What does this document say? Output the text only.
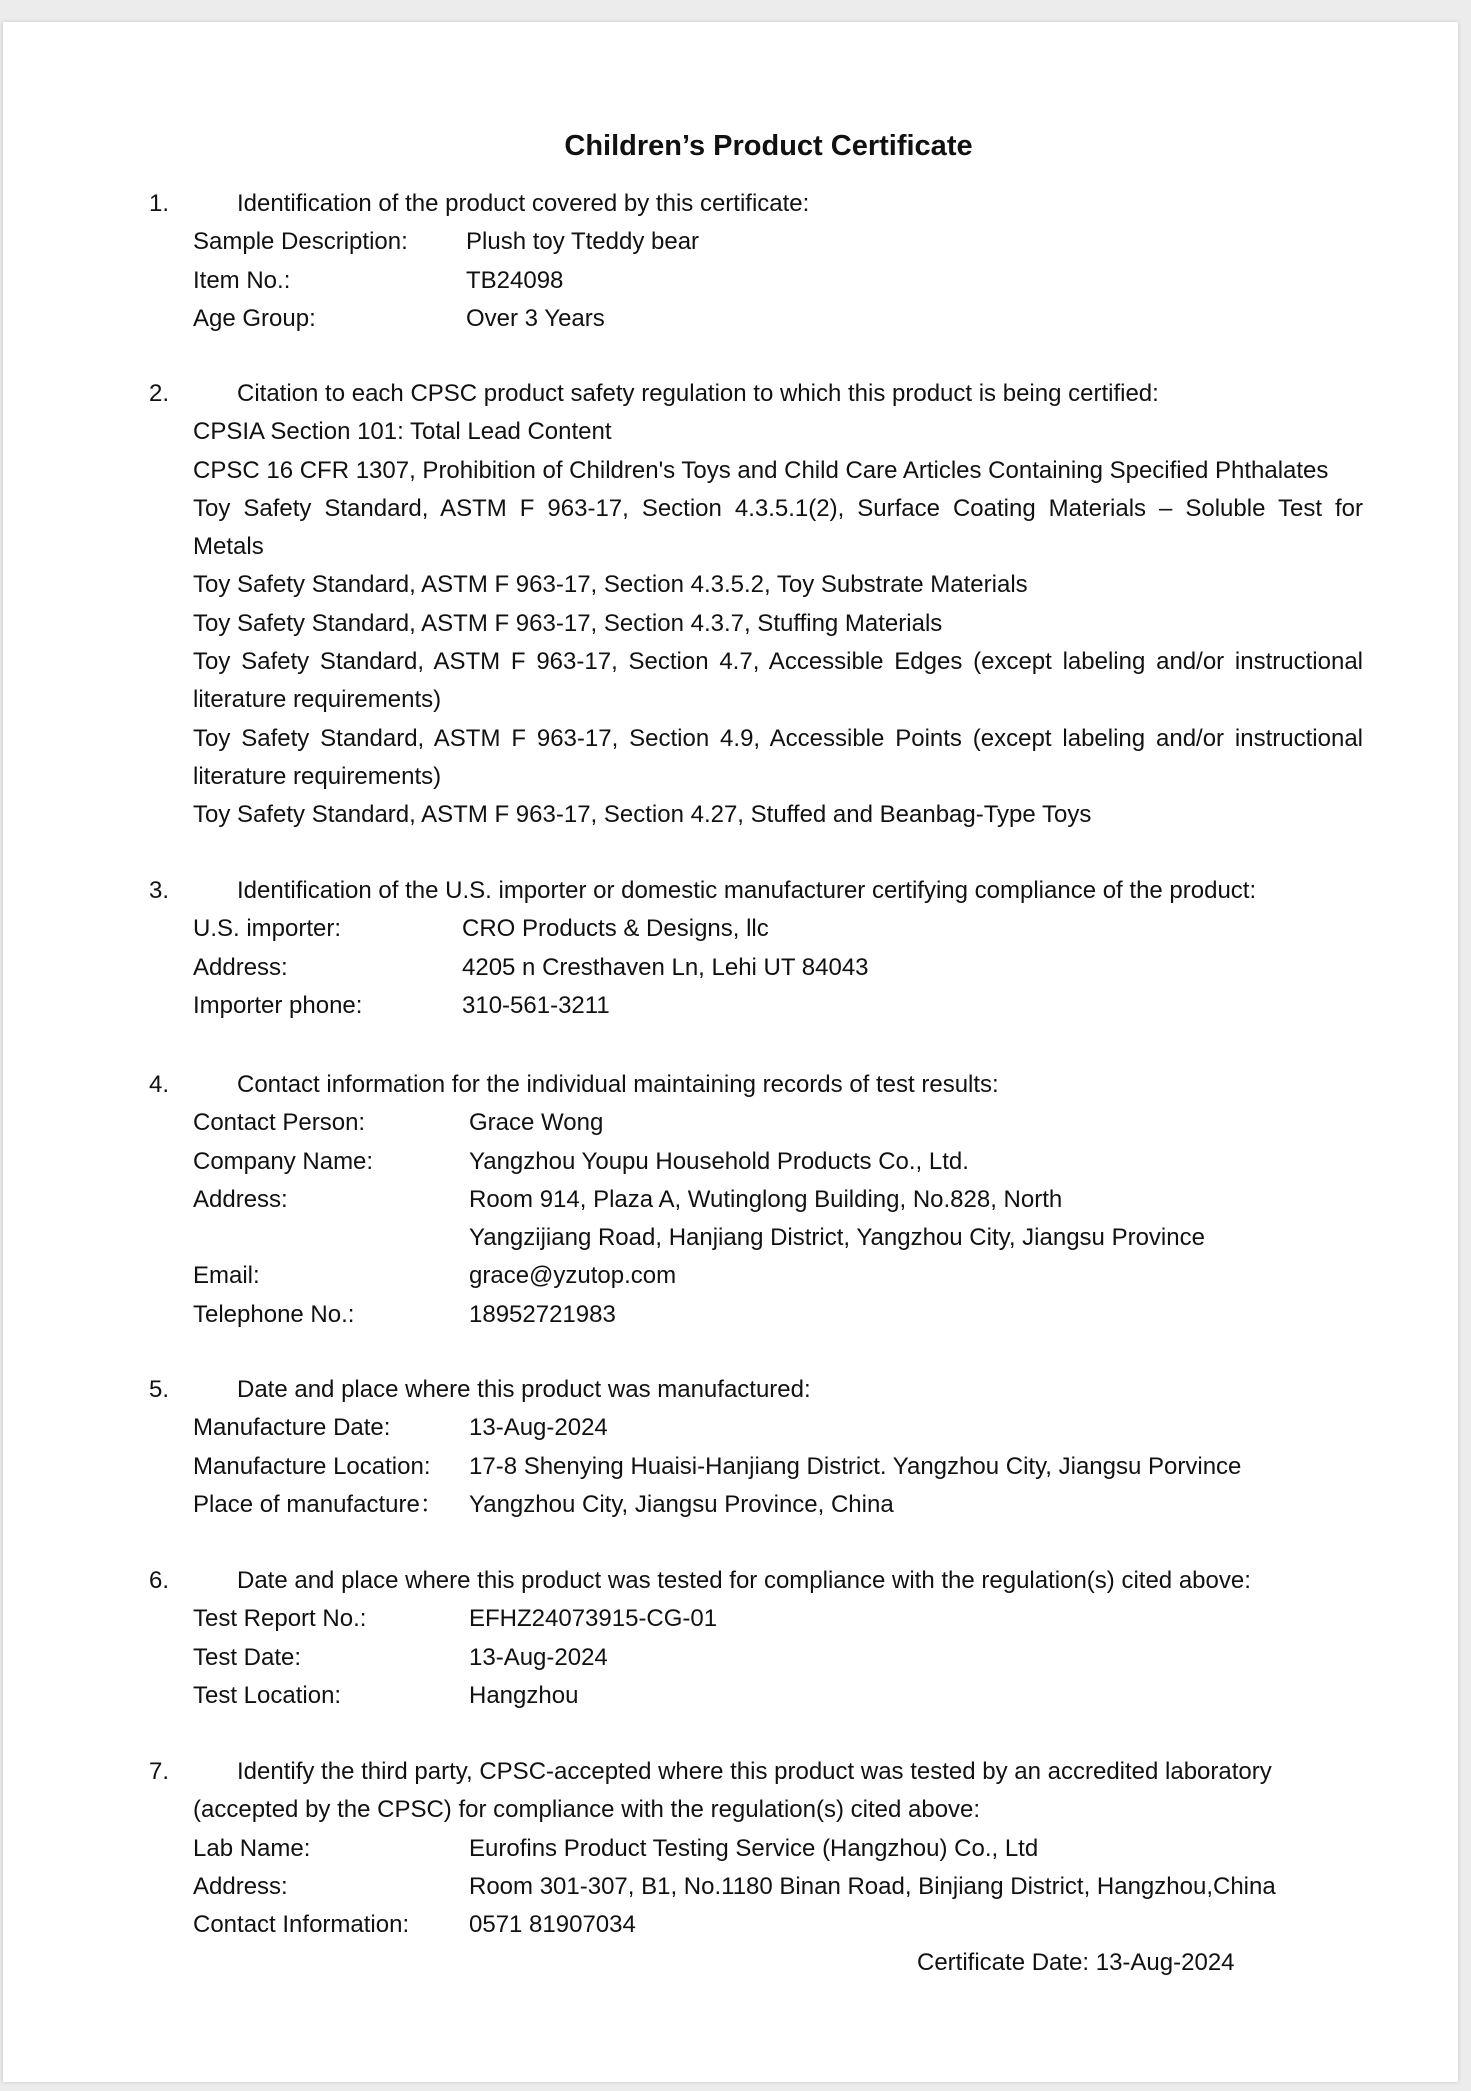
Children’s Product Certificate
1.	Identification of the product covered by this certificate:
Sample Description: Plush toy Tteddy bear
Item No.:	TB24098
Age Group:	Over 3 Years
2.	Citation to each CPSC product safety regulation to which this product is being certified:
CPSIA Section 101: Total Lead Content
CPSC 16 CFR 1307, Prohibition of Children's Toys and Child Care Articles Containing Specified Phthalates
Toy Safety Standard, ASTM F 963-17, Section 4.3.5.1(2), Surface Coating Materials – Soluble Test for
Metals
Toy Safety Standard, ASTM F 963-17, Section 4.3.5.2, Toy Substrate Materials
Toy Safety Standard, ASTM F 963-17, Section 4.3.7, Stuffing Materials
Toy Safety Standard, ASTM F 963-17, Section 4.7, Accessible Edges (except labeling and/or instructional
literature requirements)
Toy Safety Standard, ASTM F 963-17, Section 4.9, Accessible Points (except labeling and/or instructional
literature requirements)
Toy Safety Standard, ASTM F 963-17, Section 4.27, Stuffed and Beanbag-Type Toys
3.	Identification of the U.S. importer or domestic manufacturer certifying compliance of the product:
U.S. importer:	CRO Products & Designs, llc
Address:	4205 n Cresthaven Ln, Lehi UT 84043
Importer phone:	310-561-3211
4.	Contact information for the individual maintaining records of test results:
Contact Person:	Grace Wong
Company Name:	Yangzhou Youpu Household Products Co., Ltd.
Address:	Room 914, Plaza A, Wutinglong Building, No.828, North
Yangzijiang Road, Hanjiang District, Yangzhou City, Jiangsu Province
Email:	grace@yzutop.com
Telephone No.:	18952721983
5.	Date and place where this product was manufactured:
Manufacture Date:	13-Aug-2024
Manufacture Location: 17-8 Shenying Huaisi-Hanjiang District. Yangzhou City, Jiangsu Porvince
Place of manufacture： Yangzhou City, Jiangsu Province, China
6.	Date and place where this product was tested for compliance with the regulation(s) cited above:
Test Report No.:	EFHZ24073915-CG-01
Test Date:	13-Aug-2024
Test Location:	Hangzhou
7.	Identify the third party, CPSC-accepted where this product was tested by an accredited laboratory
(accepted by the CPSC) for compliance with the regulation(s) cited above:
Lab Name:	Eurofins Product Testing Service (Hangzhou) Co., Ltd
Address:	Room 301-307, B1, No.1180 Binan Road, Binjiang District, Hangzhou,China
Contact Information: 0571 81907034
Certificate Date: 13-Aug-2024
